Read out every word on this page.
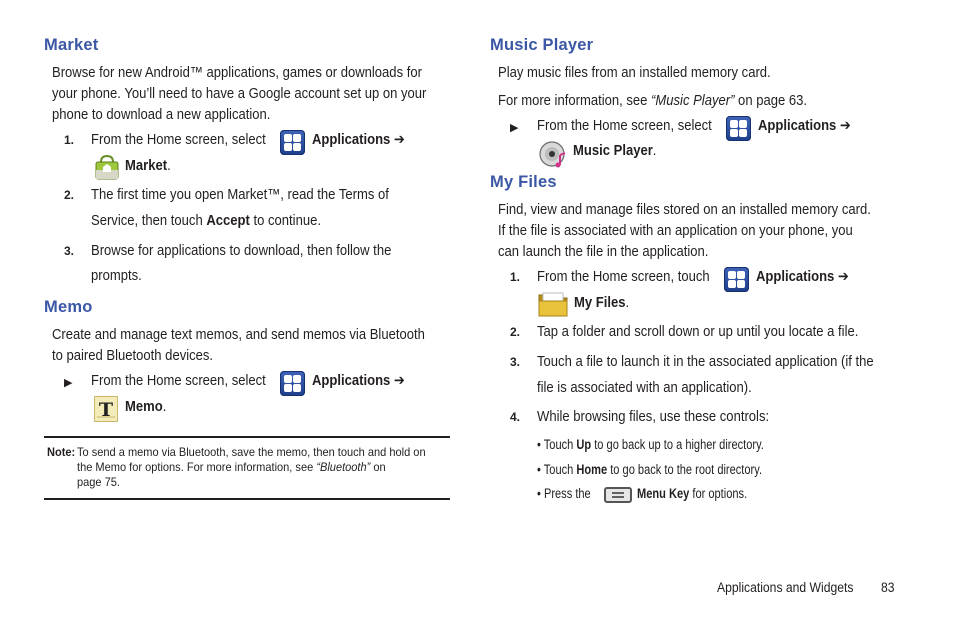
Market
Browse for new Android™ applications, games or downloads for
your phone. You’ll need to have a Google account set up on your
phone to download a new application.
1. From the Home screen, select	Applications ➔
Market.
2. The first time you open Market™, read the Terms of
Service, then touch Accept to continue.
3. Browse for applications to download, then follow the
prompts.
Memo
Create and manage text memos, and send memos via Bluetooth
to paired Bluetooth devices.
▶ From the Home screen, select	Applications ➔
T Memo.
Note: To send a memo via Bluetooth, save the memo, then touch and hold on
the Memo for options. For more information, see “Bluetooth” on
page 75.
Music Player
Play music files from an installed memory card.
For more information, see “Music Player” on page 63.
▶ From the Home screen, select	Applications ➔
Music Player.
My Files
Find, view and manage files stored on an installed memory card.
If the file is associated with an application on your phone, you
can launch the file in the application.
1. From the Home screen, touch	Applications ➔
My Files.
2. Tap a folder and scroll down or up until you locate a file.
3. Touch a file to launch it in the associated application (if the
file is associated with an application).
4. While browsing files, use these controls:
• Touch Up to go back up to a higher directory.
• Touch Home to go back to the root directory.
• Press the	Menu Key for options.
Applications and Widgets 83
